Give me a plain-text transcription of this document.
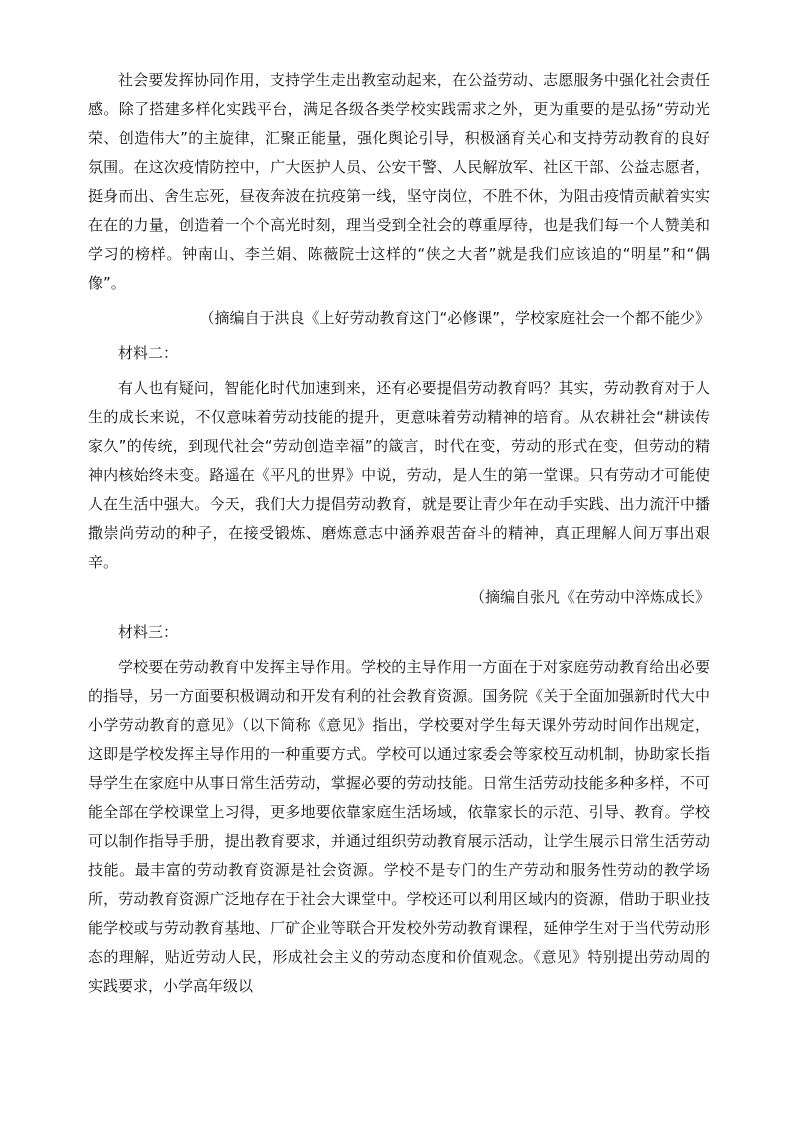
社会要发挥协同作用，支持学生走出教室动起来，在公益劳动、志愿服务中强化社会责任感。除了搭建多样化实践平台，满足各级各类学校实践需求之外，更为重要的是弘扬“劳动光荣、创造伟大”的主旋律，汇聚正能量，强化舆论引导，积极涵育关心和支持劳动教育的良好氛围。在这次疫情防控中，广大医护人员、公安干警、人民解放军、社区干部、公益志愿者，挺身而出、舍生忘死，昼夜奔波在抗疫第一线，坚守岗位，不胜不休，为阻击疫情贡献着实实在在的力量，创造着一个个高光时刻，理当受到全社会的尊重厚待，也是我们每一个人赞美和学习的榜样。钟南山、李兰娟、陈薇院士这样的“侠之大者”就是我们应该追的“明星”和“偶像”。

（摘编自于洪良《上好劳动教育这门“必修课”，学校家庭社会一个都不能少》

材料二：

有人也有疑问，智能化时代加速到来，还有必要提倡劳动教育吗？其实，劳动教育对于人生的成长来说，不仅意味着劳动技能的提升，更意味着劳动精神的培育。从农耕社会“耕读传家久”的传统，到现代社会“劳动创造幸福”的箴言，时代在变，劳动的形式在变，但劳动的精神内核始终未变。路遥在《平凡的世界》中说，劳动，是人生的第一堂课。只有劳动才可能使人在生活中强大。今天，我们大力提倡劳动教育，就是要让青少年在动手实践、出力流汗中播撒崇尚劳动的种子，在接受锻炼、磨炼意志中涵养艰苦奋斗的精神，真正理解人间万事出艰辛。

（摘编自张凡《在劳动中淬炼成长》

材料三：

学校要在劳动教育中发挥主导作用。学校的主导作用一方面在于对家庭劳动教育给出必要的指导，另一方面要积极调动和开发有利的社会教育资源。国务院《关于全面加强新时代大中小学劳动教育的意见》（以下简称《意见》指出，学校要对学生每天课外劳动时间作出规定，这即是学校发挥主导作用的一种重要方式。学校可以通过家委会等家校互动机制，协助家长指导学生在家庭中从事日常生活劳动，掌握必要的劳动技能。日常生活劳动技能多种多样，不可能全部在学校课堂上习得，更多地要依靠家庭生活场域，依靠家长的示范、引导、教育。学校可以制作指导手册，提出教育要求，并通过组织劳动教育展示活动，让学生展示日常生活劳动技能。最丰富的劳动教育资源是社会资源。学校不是专门的生产劳动和服务性劳动的教学场所，劳动教育资源广泛地存在于社会大课堂中。学校还可以利用区域内的资源，借助于职业技能学校或与劳动教育基地、厂矿企业等联合开发校外劳动教育课程，延伸学生对于当代劳动形态的理解，贴近劳动人民，形成社会主义的劳动态度和价值观念。《意见》特别提出劳动周的实践要求，小学高年级以
